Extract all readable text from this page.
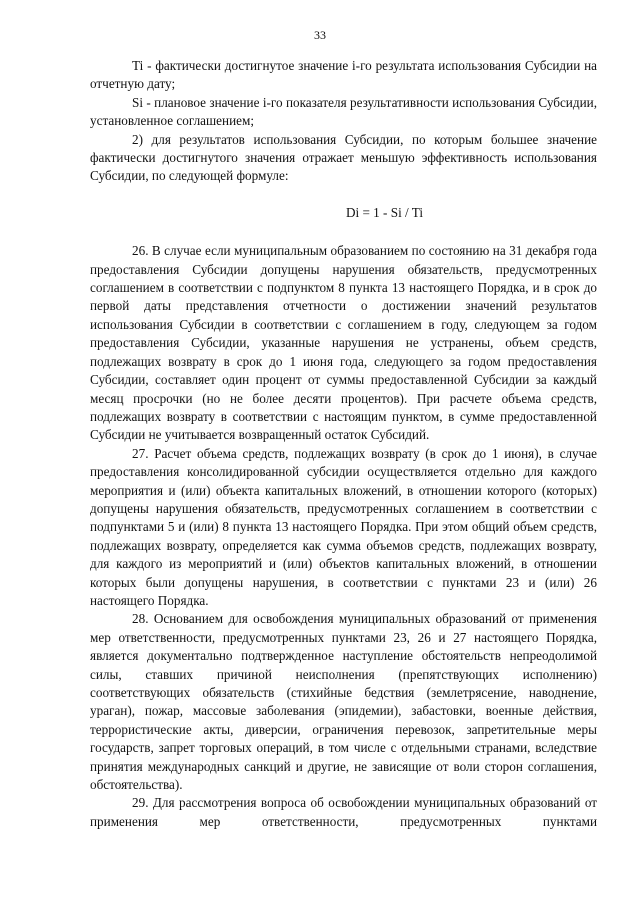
33

Ti - фактически достигнутое значение i-го результата использования Субсидии на отчетную дату;

Si - плановое значение i-го показателя результативности использования Субсидии, установленное соглашением;

2) для результатов использования Субсидии, по которым большее значение фактически достигнутого значения отражает меньшую эффективность использования Субсидии, по следующей формуле:

Di = 1 - Si / Ti

26. В случае если муниципальным образованием по состоянию на 31 декабря года предоставления Субсидии допущены нарушения обязательств, предусмотренных соглашением в соответствии с подпунктом 8 пункта 13 настоящего Порядка, и в срок до первой даты представления отчетности о достижении значений результатов использования Субсидии в соответствии с соглашением в году, следующем за годом предоставления Субсидии, указанные нарушения не устранены, объем средств, подлежащих возврату в срок до 1 июня года, следующего за годом предоставления Субсидии, составляет один процент от суммы предоставленной Субсидии за каждый месяц просрочки (но не более десяти процентов). При расчете объема средств, подлежащих возврату в соответствии с настоящим пунктом, в сумме предоставленной Субсидии не учитывается возвращенный остаток Субсидий.

27. Расчет объема средств, подлежащих возврату (в срок до 1 июня), в случае предоставления консолидированной субсидии осуществляется отдельно для каждого мероприятия и (или) объекта капитальных вложений, в отношении которого (которых) допущены нарушения обязательств, предусмотренных соглашением в соответствии с подпунктами 5 и (или) 8 пункта 13 настоящего Порядка. При этом общий объем средств, подлежащих возврату, определяется как сумма объемов средств, подлежащих возврату, для каждого из мероприятий и (или) объектов капитальных вложений, в отношении которых были допущены нарушения, в соответствии с пунктами 23 и (или) 26 настоящего Порядка.

28. Основанием для освобождения муниципальных образований от применения мер ответственности, предусмотренных пунктами 23, 26 и 27 настоящего Порядка, является документально подтвержденное наступление обстоятельств непреодолимой силы, ставших причиной неисполнения (препятствующих исполнению) соответствующих обязательств (стихийные бедствия (землетрясение, наводнение, ураган), пожар, массовые заболевания (эпидемии), забастовки, военные действия, террористические акты, диверсии, ограничения перевозок, запретительные меры государств, запрет торговых операций, в том числе с отдельными странами, вследствие принятия международных санкций и другие, не зависящие от воли сторон соглашения, обстоятельства).

29. Для рассмотрения вопроса об освобождении муниципальных образований от применения мер ответственности, предусмотренных пунктами
